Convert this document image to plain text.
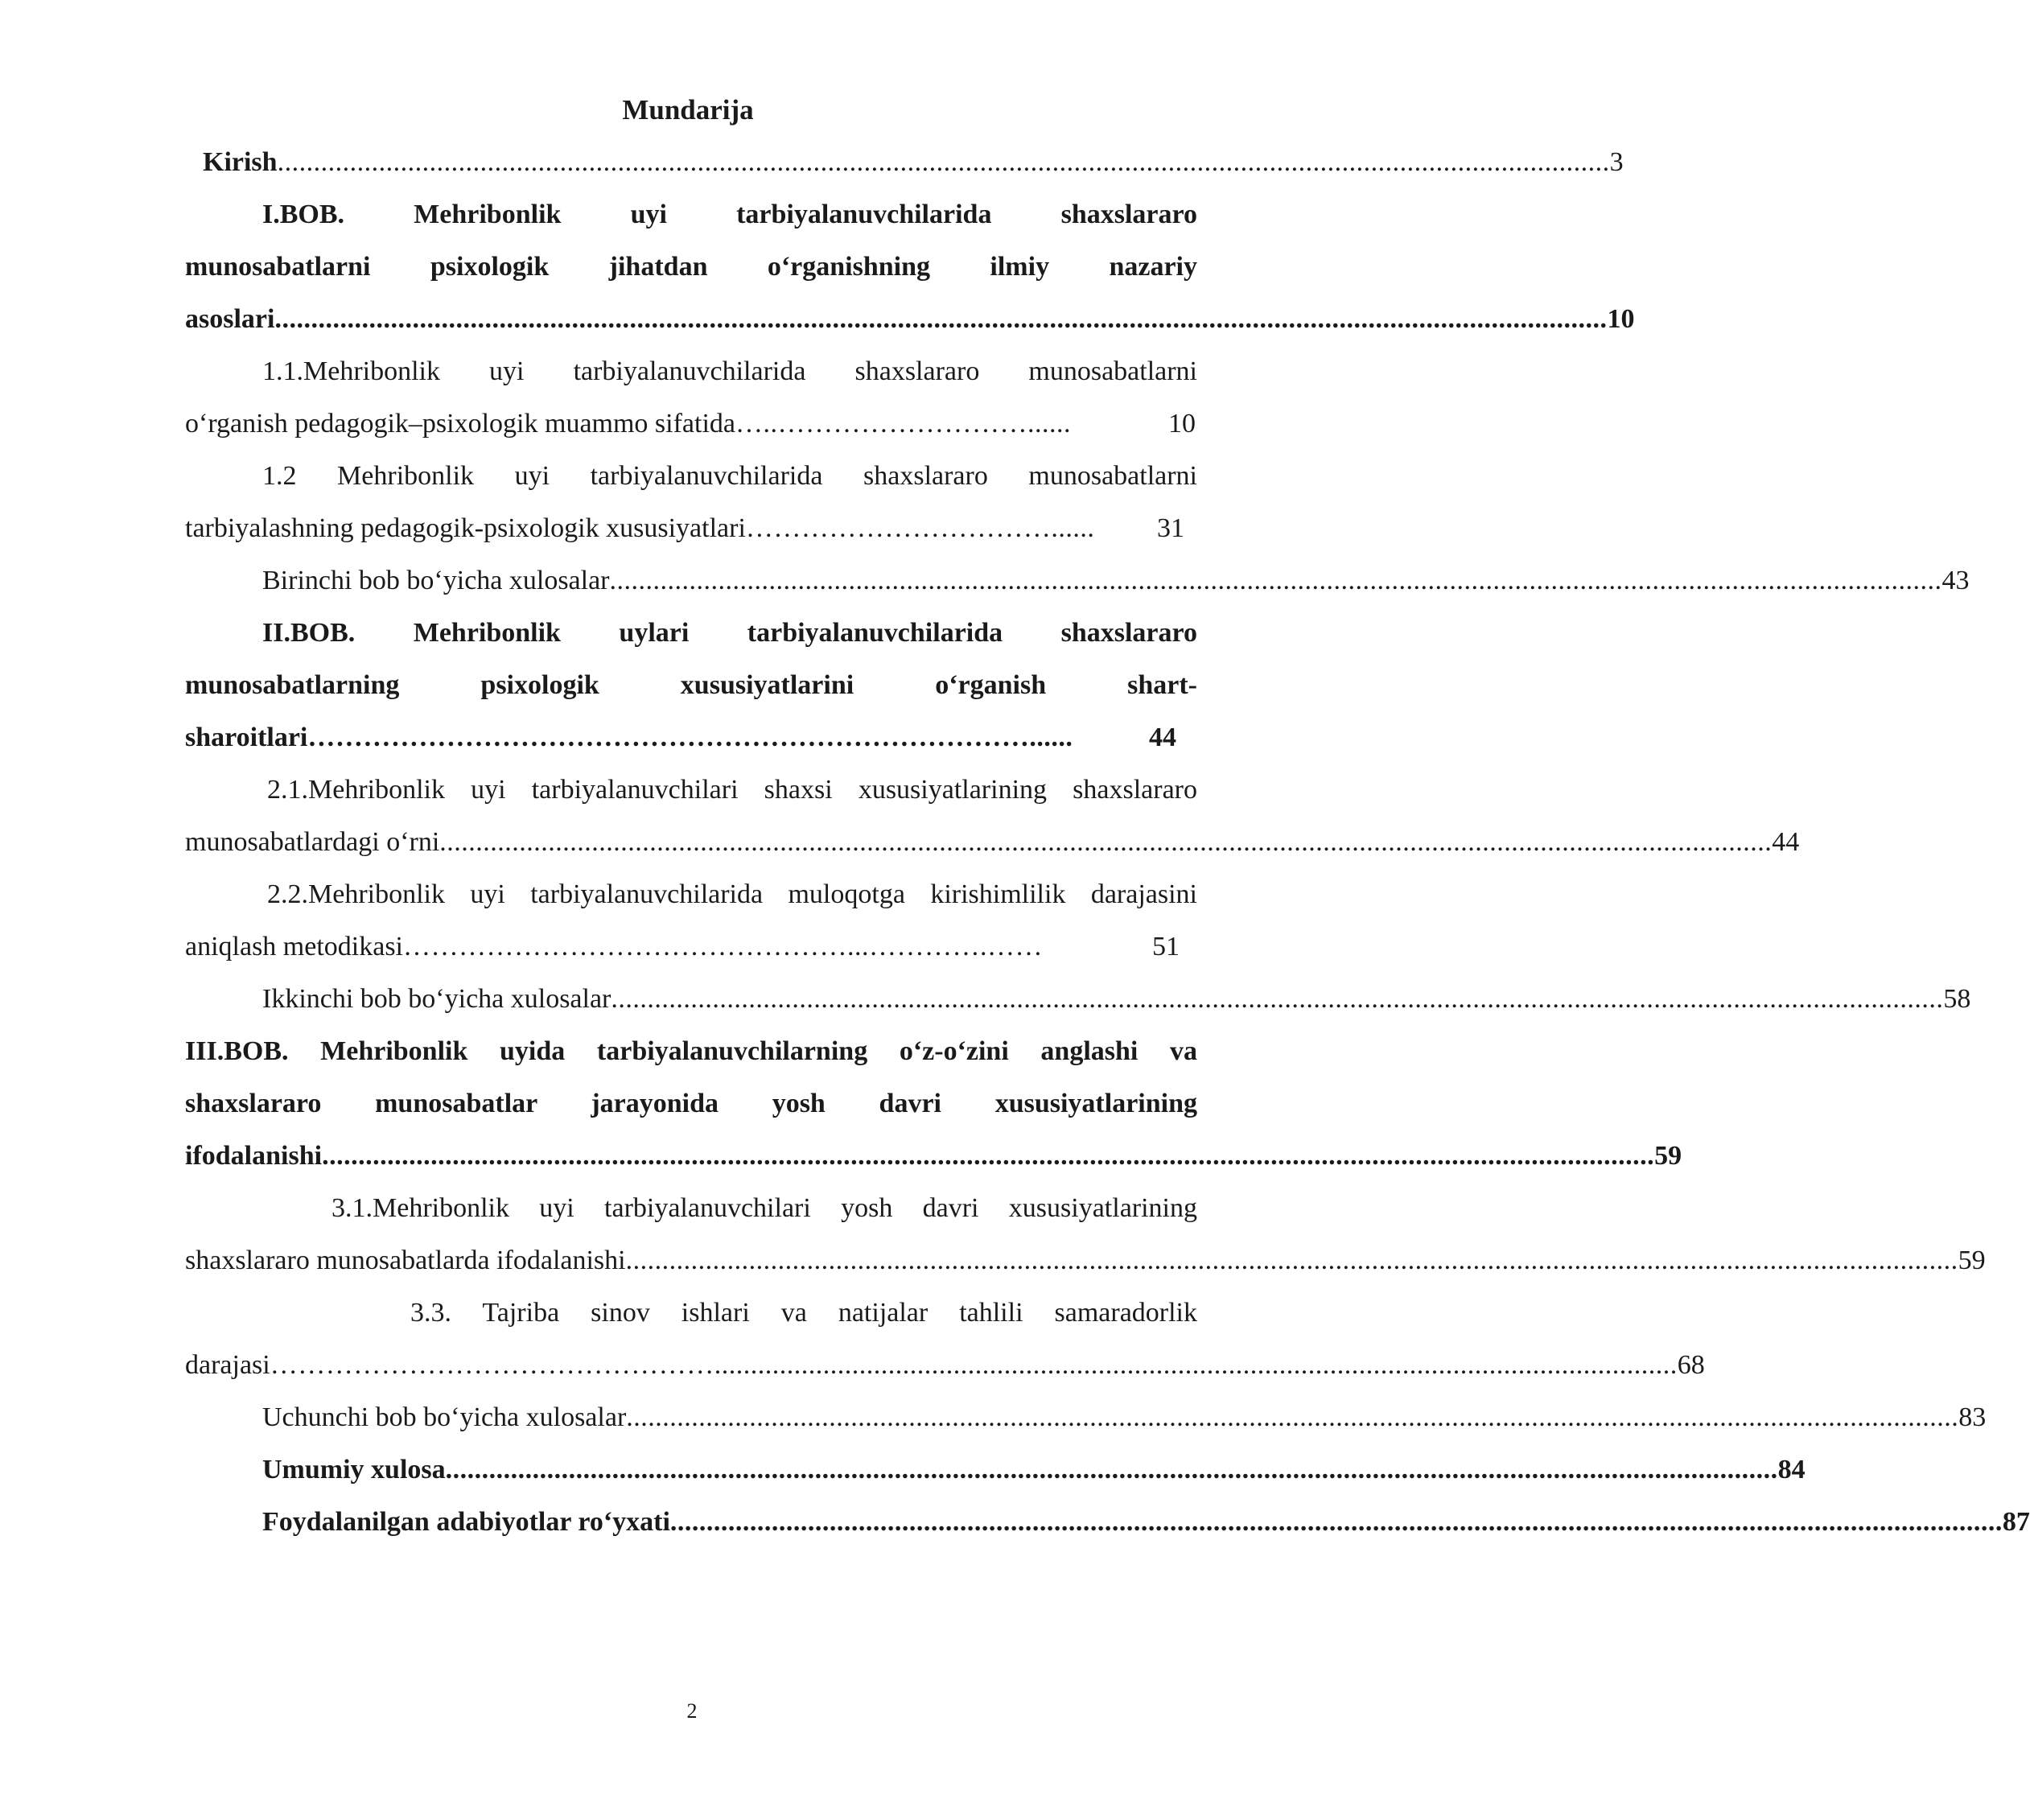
Mundarija
Kirish ........................................................................................................................................................................................ 3
I.BOB. Mehribonlik uyi tarbiyalanuvchilarida shaxslararo
munosabatlarni psixologik jihatdan o‘rganishning ilmiy nazariy
asoslari ........................................................................................................................................................................................ 10
1.1.Mehribonlik uyi tarbiyalanuvchilarida shaxslararo munosabatlarni
o‘rganish pedagogik–psixologik muammo sifatida …..………………………......	10
1.2 Mehribonlik uyi tarbiyalanuvchilarida shaxslararo munosabatlarni
tarbiyalashning pedagogik-psixologik xususiyatlari ……………………………......	31
Birinchi bob bo‘yicha xulosalar ........................................................................................................................................................................................ 43
II.BOB. Mehribonlik uylari tarbiyalanuvchilarida shaxslararo
munosabatlarning psixologik xususiyatlarini o‘rganish shart-
sharoitlari ……………………………………………………………………......	44
2.1.Mehribonlik uyi tarbiyalanuvchilari shaxsi xususiyatlarining shaxslararo
munosabatlardagi o‘rni ........................................................................................................................................................................................ 44
2.2.Mehribonlik uyi tarbiyalanuvchilarida muloqotga kirishimlilik darajasini
aniqlash metodikasi …………………………………………...………….……	51
Ikkinchi bob bo‘yicha xulosalar ........................................................................................................................................................................................ 58
III.BOB. Mehribonlik uyida tarbiyalanuvchilarning o‘z-o‘zini anglashi va
shaxslararo munosabatlar jarayonida yosh davri xususiyatlarining
ifodalanishi ........................................................................................................................................................................................ 59
3.1.Mehribonlik uyi tarbiyalanuvchilari yosh davri xususiyatlarining
shaxslararo munosabatlarda ifodalanishi ........................................................................................................................................................................................ 59
3.3. Tajriba sinov ishlari va natijalar tahlili samaradorlik
darajasi …………………………………………..................................................................................................................................... 68
Uchunchi bob bo‘yicha xulosalar ........................................................................................................................................................................................ 83
Umumiy xulosa ........................................................................................................................................................................................ 84
Foydalanilgan adabiyotlar ro‘yxati ........................................................................................................................................................................................ 87
2
